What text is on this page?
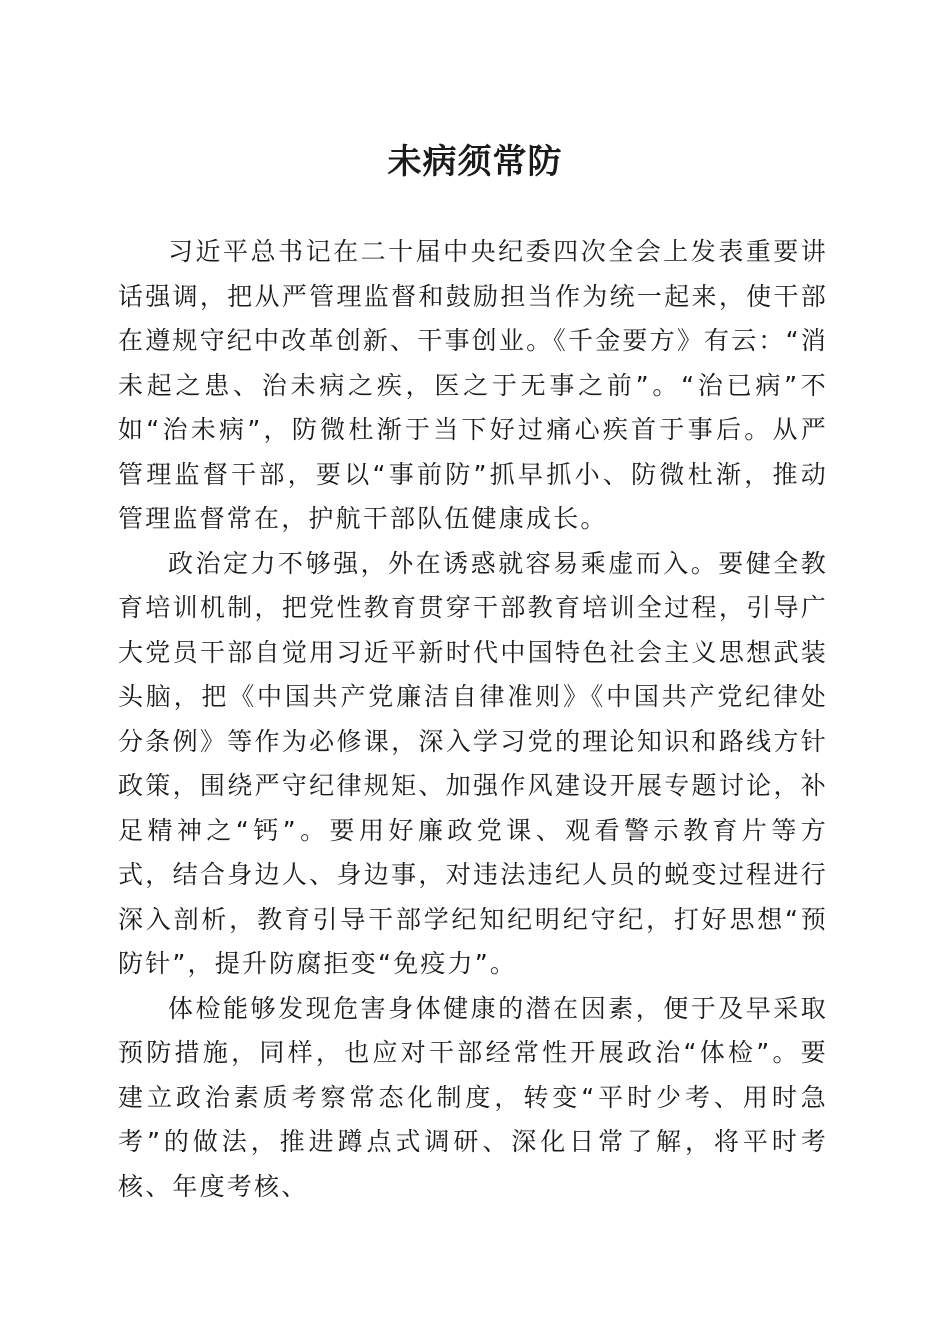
未病须常防

习近平总书记在二十届中央纪委四次全会上发表重要讲话强调，把从严管理监督和鼓励担当作为统一起来，使干部在遵规守纪中改革创新、干事创业。《千金要方》有云：“消未起之患、治未病之疾，医之于无事之前”。“治已病”不如“治未病”，防微杜渐于当下好过痛心疾首于事后。从严管理监督干部，要以“事前防”抓早抓小、防微杜渐，推动管理监督常在，护航干部队伍健康成长。

政治定力不够强，外在诱惑就容易乘虚而入。要健全教育培训机制，把党性教育贯穿干部教育培训全过程，引导广大党员干部自觉用习近平新时代中国特色社会主义思想武装头脑，把《中国共产党廉洁自律准则》《中国共产党纪律处分条例》等作为必修课，深入学习党的理论知识和路线方针政策，围绕严守纪律规矩、加强作风建设开展专题讨论，补足精神之“钙”。要用好廉政党课、观看警示教育片等方式，结合身边人、身边事，对违法违纪人员的蜕变过程进行深入剖析，教育引导干部学纪知纪明纪守纪，打好思想“预防针”，提升防腐拒变“免疫力”。

体检能够发现危害身体健康的潜在因素，便于及早采取预防措施，同样，也应对干部经常性开展政治“体检”。要建立政治素质考察常态化制度，转变“平时少考、用时急考”的做法，推进蹲点式调研、深化日常了解，将平时考核、年度考核、
